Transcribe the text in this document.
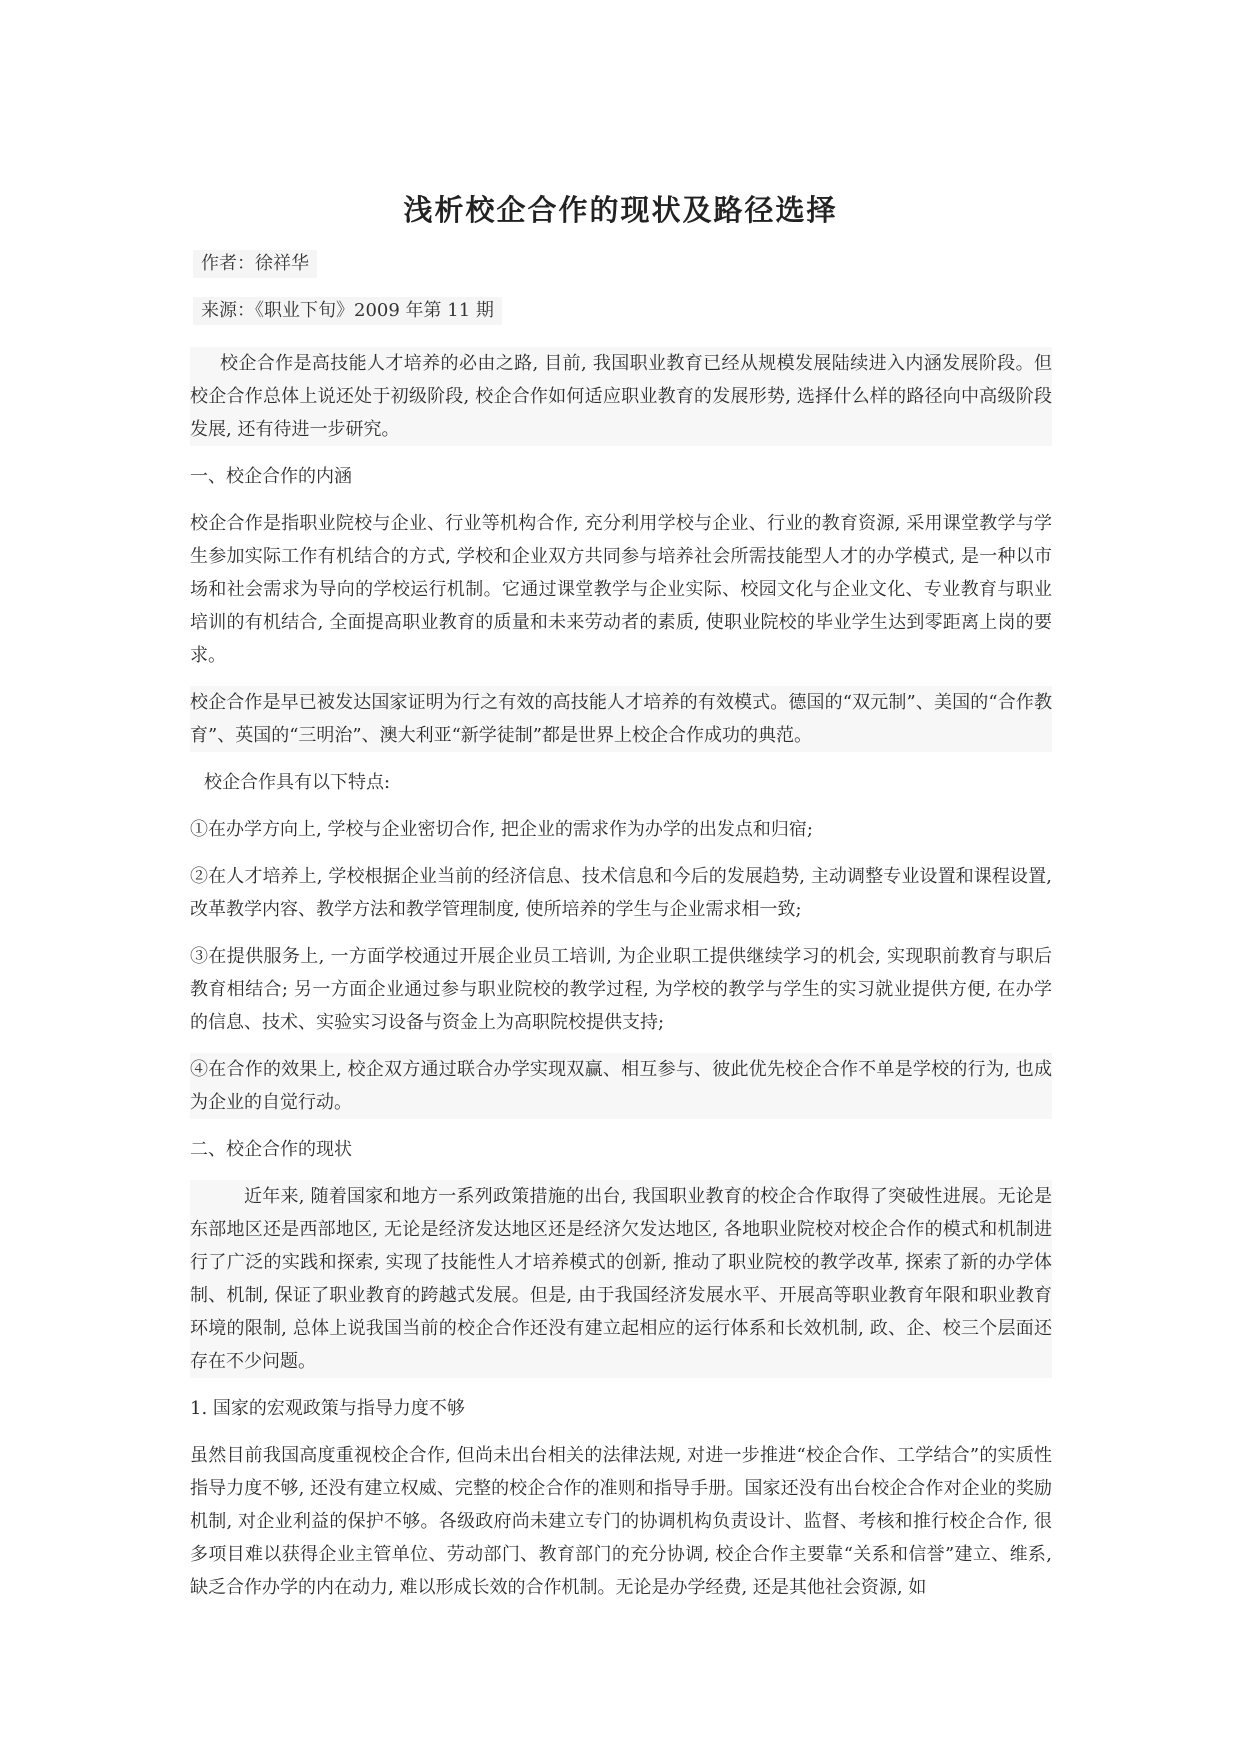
浅析校企合作的现状及路径选择
作者：徐祥华
来源：《职业下旬》2009 年第 11 期

校企合作是高技能人才培养的必由之路, 目前, 我国职业教育已经从规模发展陆续进入内涵发展阶段。但校企合作总体上说还处于初级阶段, 校企合作如何适应职业教育的发展形势, 选择什么样的路径向中高级阶段发展, 还有待进一步研究。

一、校企合作的内涵

校企合作是指职业院校与企业、行业等机构合作, 充分利用学校与企业、行业的教育资源, 采用课堂教学与学生参加实际工作有机结合的方式, 学校和企业双方共同参与培养社会所需技能型人才的办学模式, 是一种以市场和社会需求为导向的学校运行机制。它通过课堂教学与企业实际、校园文化与企业文化、专业教育与职业培训的有机结合, 全面提高职业教育的质量和未来劳动者的素质, 使职业院校的毕业学生达到零距离上岗的要求。

校企合作是早已被发达国家证明为行之有效的高技能人才培养的有效模式。德国的“双元制”、美国的“合作教育”、英国的“三明治”、澳大利亚“新学徒制”都是世界上校企合作成功的典范。

校企合作具有以下特点:

①在办学方向上, 学校与企业密切合作, 把企业的需求作为办学的出发点和归宿;

②在人才培养上, 学校根据企业当前的经济信息、技术信息和今后的发展趋势, 主动调整专业设置和课程设置, 改革教学内容、教学方法和教学管理制度, 使所培养的学生与企业需求相一致;

③在提供服务上, 一方面学校通过开展企业员工培训, 为企业职工提供继续学习的机会, 实现职前教育与职后教育相结合; 另一方面企业通过参与职业院校的教学过程, 为学校的教学与学生的实习就业提供方便, 在办学的信息、技术、实验实习设备与资金上为高职院校提供支持;

④在合作的效果上, 校企双方通过联合办学实现双赢、相互参与、彼此优先校企合作不单是学校的行为, 也成为企业的自觉行动。

二、校企合作的现状

近年来, 随着国家和地方一系列政策措施的出台, 我国职业教育的校企合作取得了突破性进展。无论是东部地区还是西部地区, 无论是经济发达地区还是经济欠发达地区, 各地职业院校对校企合作的模式和机制进行了广泛的实践和探索, 实现了技能性人才培养模式的创新, 推动了职业院校的教学改革, 探索了新的办学体制、机制, 保证了职业教育的跨越式发展。但是, 由于我国经济发展水平、开展高等职业教育年限和职业教育环境的限制, 总体上说我国当前的校企合作还没有建立起相应的运行体系和长效机制, 政、企、校三个层面还存在不少问题。

1. 国家的宏观政策与指导力度不够

虽然目前我国高度重视校企合作, 但尚未出台相关的法律法规, 对进一步推进“校企合作、工学结合”的实质性指导力度不够, 还没有建立权威、完整的校企合作的准则和指导手册。国家还没有出台校企合作对企业的奖励机制, 对企业利益的保护不够。各级政府尚未建立专门的协调机构负责设计、监督、考核和推行校企合作, 很多项目难以获得企业主管单位、劳动部门、教育部门的充分协调, 校企合作主要靠“关系和信誉”建立、维系, 缺乏合作办学的内在动力, 难以形成长效的合作机制。无论是办学经费, 还是其他社会资源, 如
